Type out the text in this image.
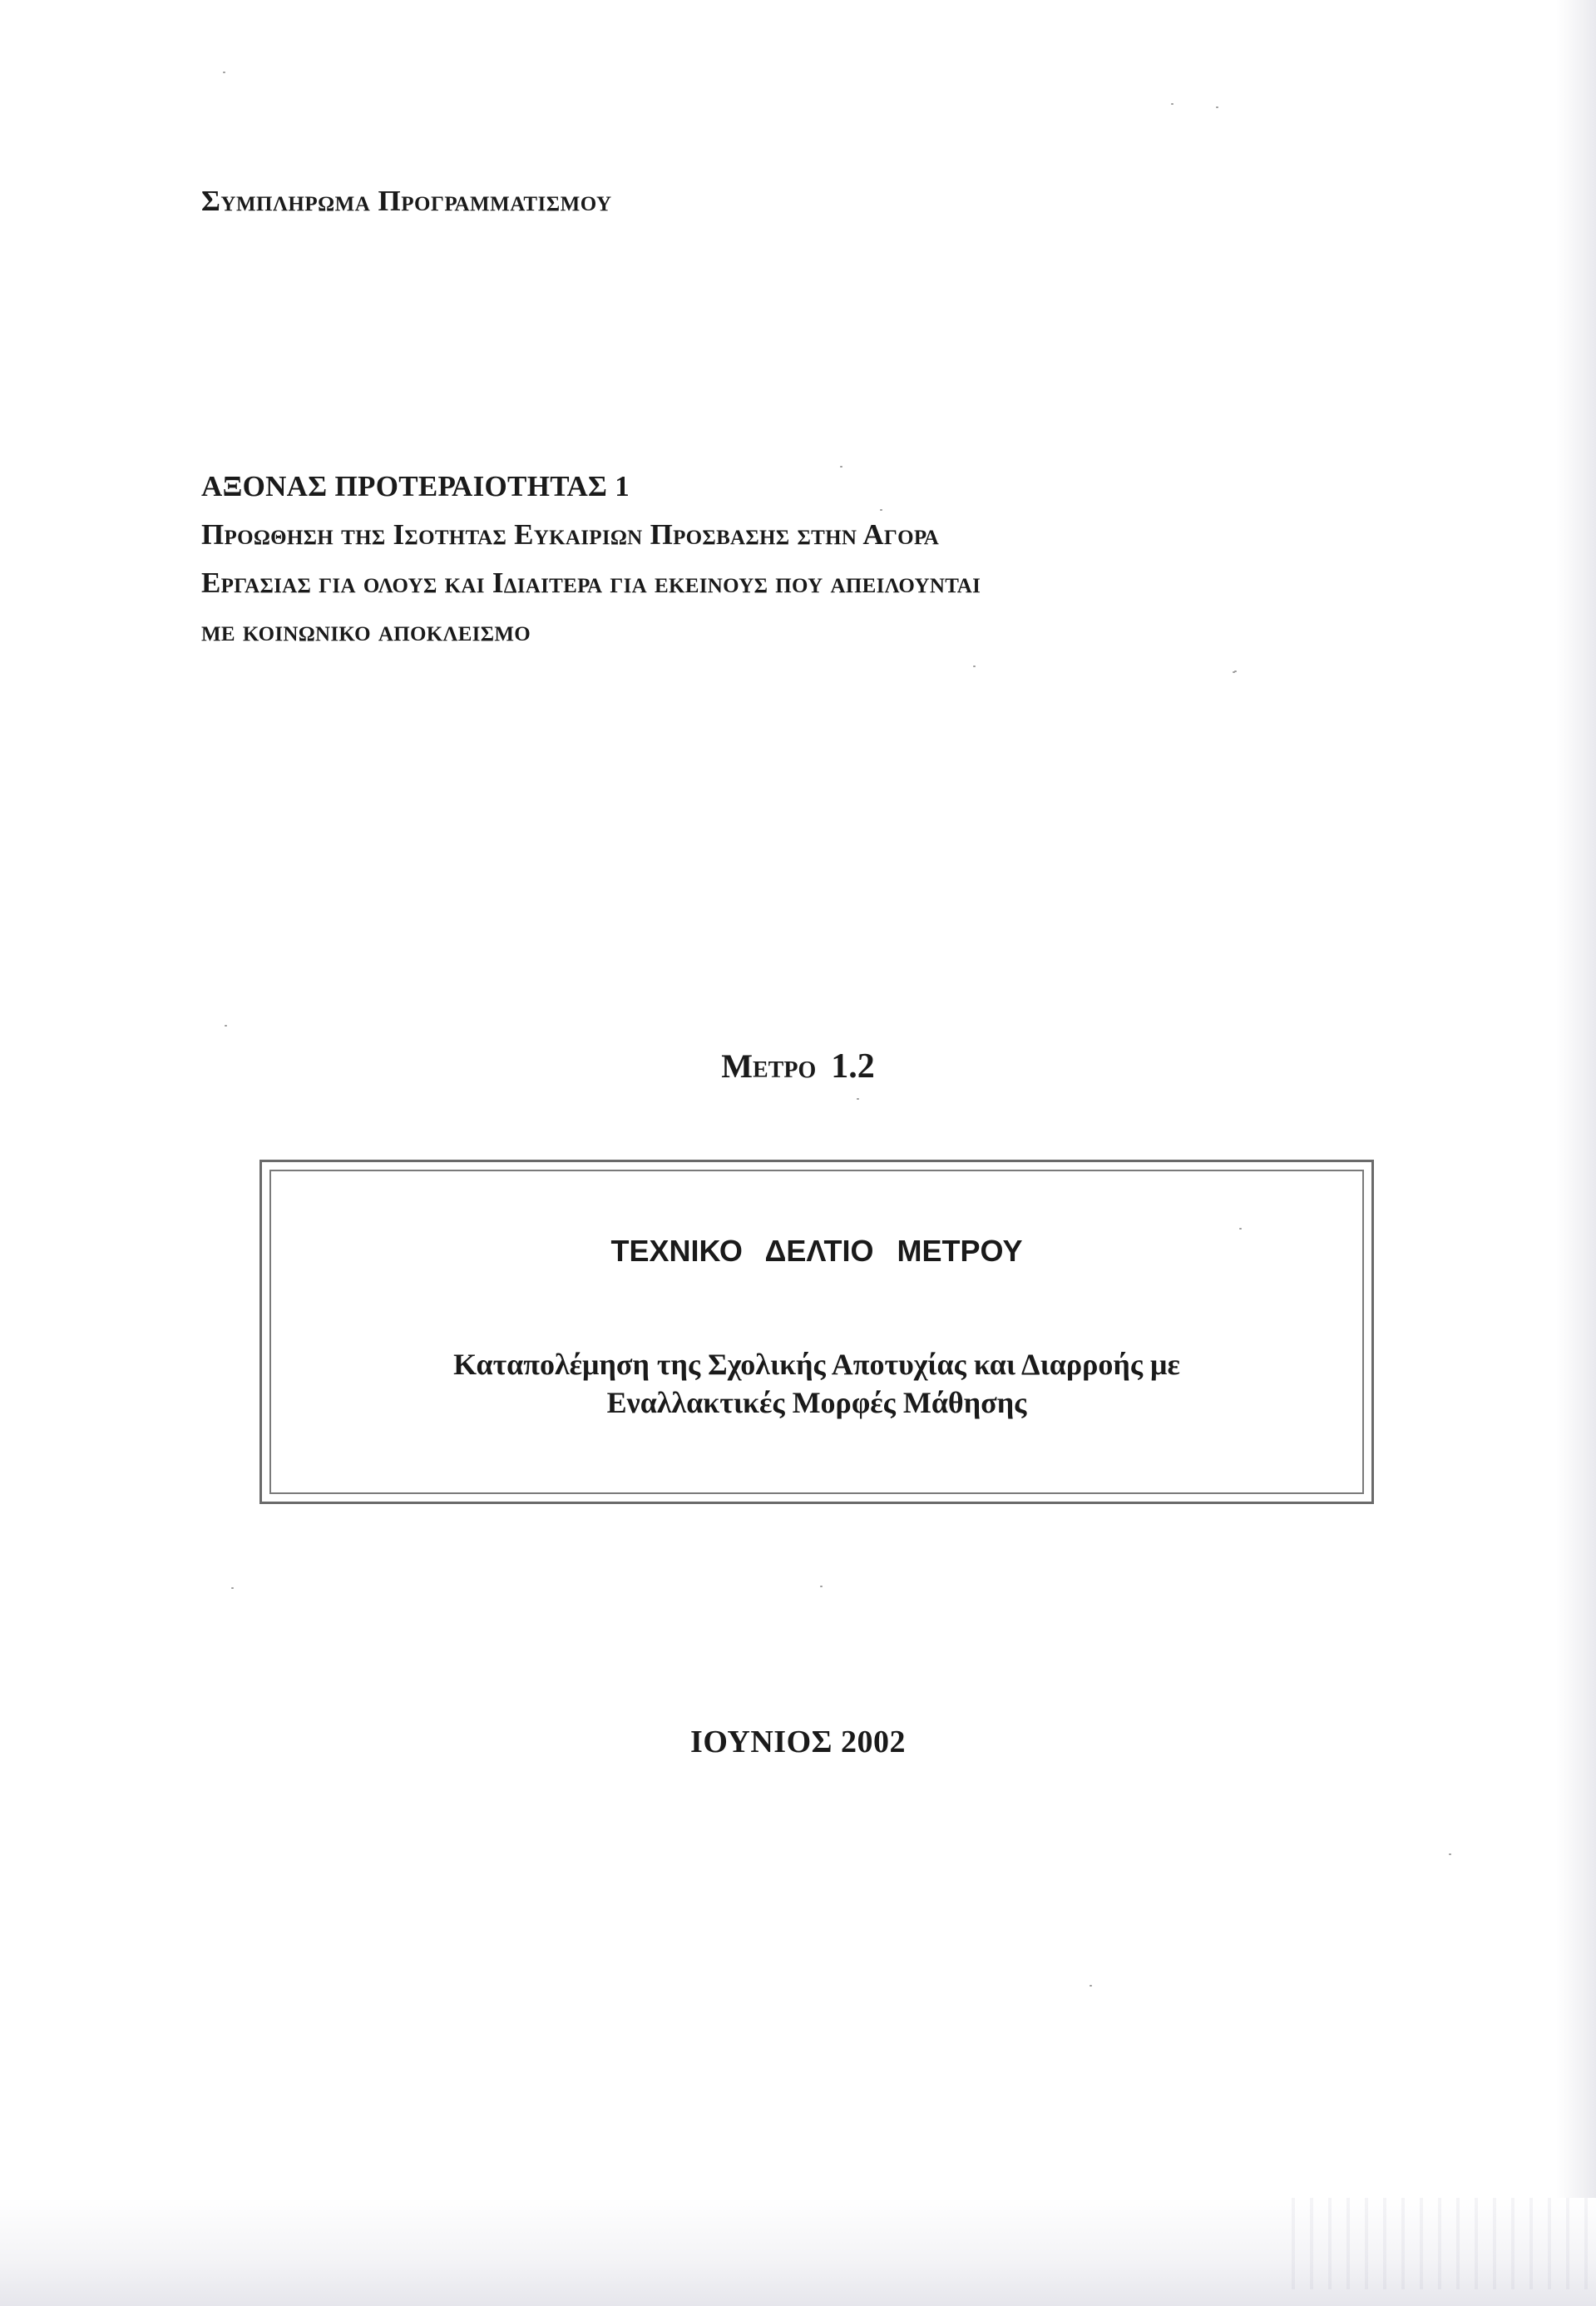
Συμπληρωμα Προγραμματισμου
ΑΞΟΝΑΣ ΠΡΟΤΕΡΑΙΟΤΗΤΑΣ 1
Προωθηση της Ισοτητας Ευκαιριων Προσβασης στην Αγορα
Εργασιας για ολους και Ιδιαιτερα για εκεινους που απειλουνται
με κοινωνικο αποκλεισμο
Μετρο 1.2
ΤΕΧΝΙΚΟ ΔΕΛΤΙΟ ΜΕΤΡΟΥ
Καταπολέμηση της Σχολικής Αποτυχίας και Διαρροής με
Εναλλακτικές Μορφές Μάθησης
ΙΟΥΝΙΟΣ 2002
